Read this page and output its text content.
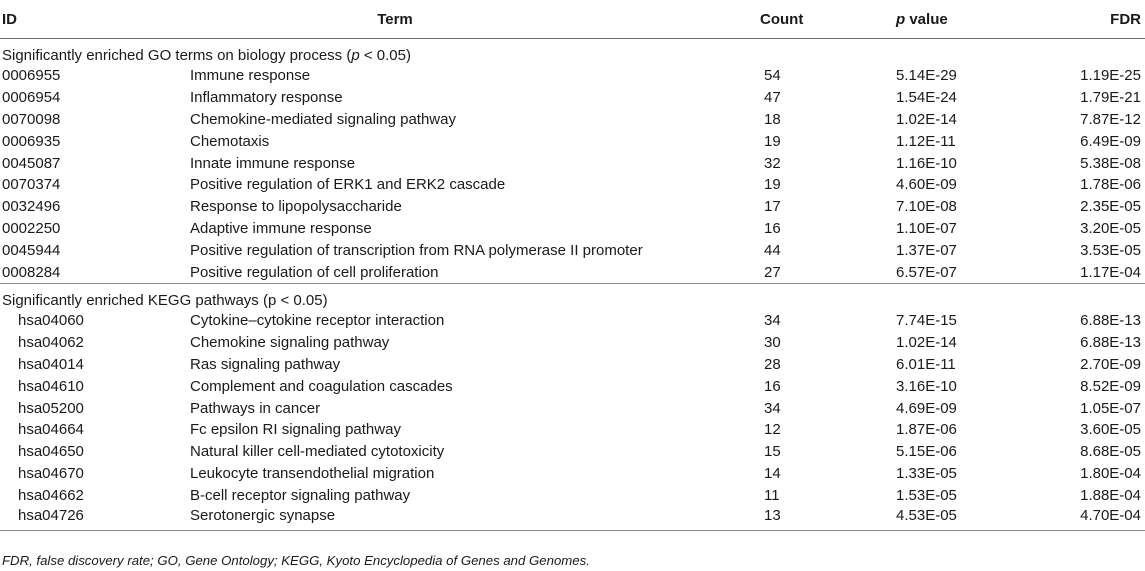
ID	Term	Count	p value	FDR
Significantly enriched GO terms on biology process (p < 0.05)				
0006955	Immune response	54	5.14E-29	1.19E-25
0006954	Inflammatory response	47	1.54E-24	1.79E-21
0070098	Chemokine-mediated signaling pathway	18	1.02E-14	7.87E-12
0006935	Chemotaxis	19	1.12E-11	6.49E-09
0045087	Innate immune response	32	1.16E-10	5.38E-08
0070374	Positive regulation of ERK1 and ERK2 cascade	19	4.60E-09	1.78E-06
0032496	Response to lipopolysaccharide	17	7.10E-08	2.35E-05
0002250	Adaptive immune response	16	1.10E-07	3.20E-05
0045944	Positive regulation of transcription from RNA polymerase II promoter	44	1.37E-07	3.53E-05
0008284	Positive regulation of cell proliferation	27	6.57E-07	1.17E-04
Significantly enriched KEGG pathways (p < 0.05)				
hsa04060	Cytokine–cytokine receptor interaction	34	7.74E-15	6.88E-13
hsa04062	Chemokine signaling pathway	30	1.02E-14	6.88E-13
hsa04014	Ras signaling pathway	28	6.01E-11	2.70E-09
hsa04610	Complement and coagulation cascades	16	3.16E-10	8.52E-09
hsa05200	Pathways in cancer	34	4.69E-09	1.05E-07
hsa04664	Fc epsilon RI signaling pathway	12	1.87E-06	3.60E-05
hsa04650	Natural killer cell-mediated cytotoxicity	15	5.15E-06	8.68E-05
hsa04670	Leukocyte transendothelial migration	14	1.33E-05	1.80E-04
hsa04662	B-cell receptor signaling pathway	11	1.53E-05	1.88E-04
hsa04726	Serotonergic synapse	13	4.53E-05	4.70E-04
FDR, false discovery rate; GO, Gene Ontology; KEGG, Kyoto Encyclopedia of Genes and Genomes.
